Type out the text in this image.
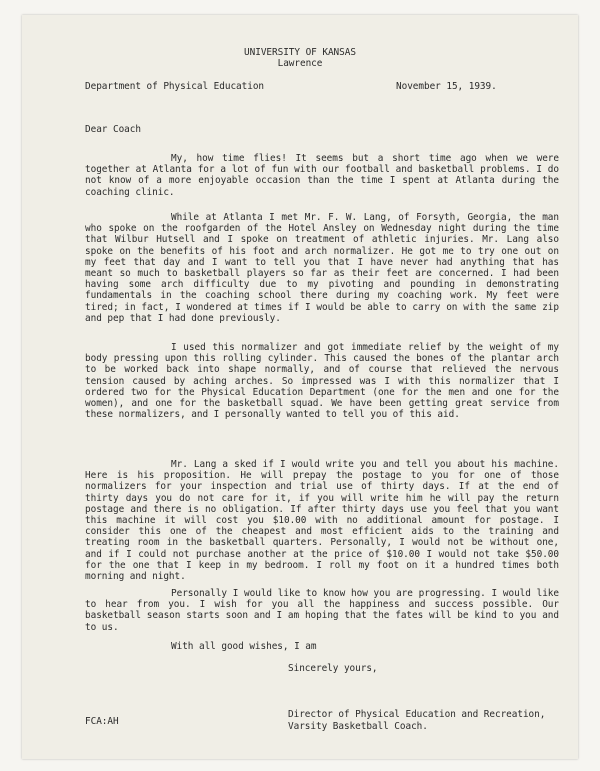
UNIVERSITY OF KANSAS
Lawrence
Department of Physical Education	November 15, 1939.
Dear Coach

My, how time flies! It seems but a short time ago when we were together at Atlanta for a lot of fun with our football and basketball problems. I do not know of a more enjoyable occasion than the time I spent at Atlanta during the coaching clinic.

While at Atlanta I met Mr. F. W. Lang, of Forsyth, Georgia, the man who spoke on the roofgarden of the Hotel Ansley on Wednesday night during the time that Wilbur Hutsell and I spoke on treatment of athletic injuries. Mr. Lang also spoke on the benefits of his foot and arch normalizer. He got me to try one out on my feet that day and I want to tell you that I have never had anything that has meant so much to basketball players so far as their feet are concerned. I had been having some arch difficulty due to my pivoting and pounding in demonstrating fundamentals in the coaching school there during my coaching work. My feet were tired; in fact, I wondered at times if I would be able to carry on with the same zip and pep that I had done previously.

I used this normalizer and got immediate relief by the weight of my body pressing upon this rolling cylinder. This caused the bones of the plantar arch to be worked back into shape normally, and of course that relieved the nervous tension caused by aching arches. So impressed was I with this normalizer that I ordered two for the Physical Education Department (one for the men and one for the women), and one for the basketball squad. We have been getting great service from these normalizers, and I personally wanted to tell you of this aid.

Mr. Lang a sked if I would write you and tell you about his machine. Here is his proposition. He will prepay the postage to you for one of those normalizers for your inspection and trial use of thirty days. If at the end of thirty days you do not care for it, if you will write him he will pay the return postage and there is no obligation. If after thirty days use you feel that you want this machine it will cost you $10.00 with no additional amount for postage. I consider this one of the cheapest and most efficient aids to the training and treating room in the basketball quarters. Personally, I would not be without one, and if I could not purchase another at the price of $10.00 I would not take $50.00 for the one that I keep in my bedroom. I roll my foot on it a hundred times both morning and night.

Personally I would like to know how you are progressing. I would like to hear from you. I wish for you all the happiness and success possible. Our basketball season starts soon and I am hoping that the fates will be kind to you and to us.

With all good wishes, I am
Sincerely yours,
Director of Physical Education and Recreation,
Varsity Basketball Coach.
FCA:AH
